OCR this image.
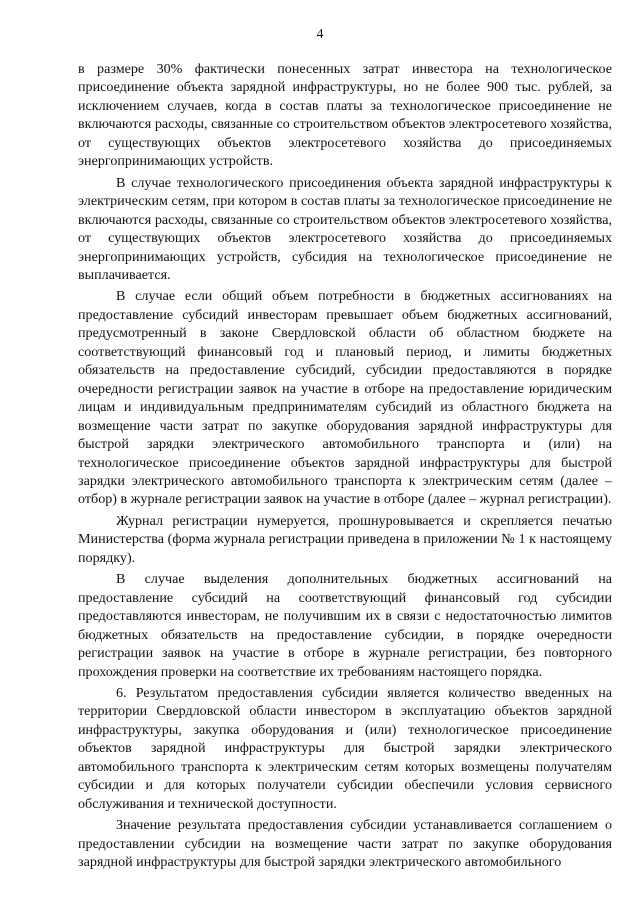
4

в размере 30% фактически понесенных затрат инвестора на технологическое присоединение объекта зарядной инфраструктуры, но не более 900 тыс. рублей, за исключением случаев, когда в состав платы за технологическое присоединение не включаются расходы, связанные со строительством объектов электросетевого хозяйства, от существующих объектов электросетевого хозяйства до присоединяемых энергопринимающих устройств.

В случае технологического присоединения объекта зарядной инфраструктуры к электрическим сетям, при котором в состав платы за технологическое присоединение не включаются расходы, связанные со строительством объектов электросетевого хозяйства, от существующих объектов электросетевого хозяйства до присоединяемых энергопринимающих устройств, субсидия на технологическое присоединение не выплачивается.

В случае если общий объем потребности в бюджетных ассигнованиях на предоставление субсидий инвесторам превышает объем бюджетных ассигнований, предусмотренный в законе Свердловской области об областном бюджете на соответствующий финансовый год и плановый период, и лимиты бюджетных обязательств на предоставление субсидий, субсидии предоставляются в порядке очередности регистрации заявок на участие в отборе на предоставление юридическим лицам и индивидуальным предпринимателям субсидий из областного бюджета на возмещение части затрат по закупке оборудования зарядной инфраструктуры для быстрой зарядки электрического автомобильного транспорта и (или) на технологическое присоединение объектов зарядной инфраструктуры для быстрой зарядки электрического автомобильного транспорта к электрическим сетям (далее – отбор) в журнале регистрации заявок на участие в отборе (далее – журнал регистрации).

Журнал регистрации нумеруется, прошнуровывается и скрепляется печатью Министерства (форма журнала регистрации приведена в приложении № 1 к настоящему порядку).

В случае выделения дополнительных бюджетных ассигнований на предоставление субсидий на соответствующий финансовый год субсидии предоставляются инвесторам, не получившим их в связи с недостаточностью лимитов бюджетных обязательств на предоставление субсидии, в порядке очередности регистрации заявок на участие в отборе в журнале регистрации, без повторного прохождения проверки на соответствие их требованиям настоящего порядка.

6. Результатом предоставления субсидии является количество введенных на территории Свердловской области инвестором в эксплуатацию объектов зарядной инфраструктуры, закупка оборудования и (или) технологическое присоединение объектов зарядной инфраструктуры для быстрой зарядки электрического автомобильного транспорта к электрическим сетям которых возмещены получателям субсидии и для которых получатели субсидии обеспечили условия сервисного обслуживания и технической доступности.

Значение результата предоставления субсидии устанавливается соглашением о предоставлении субсидии на возмещение части затрат по закупке оборудования зарядной инфраструктуры для быстрой зарядки электрического автомобильного
